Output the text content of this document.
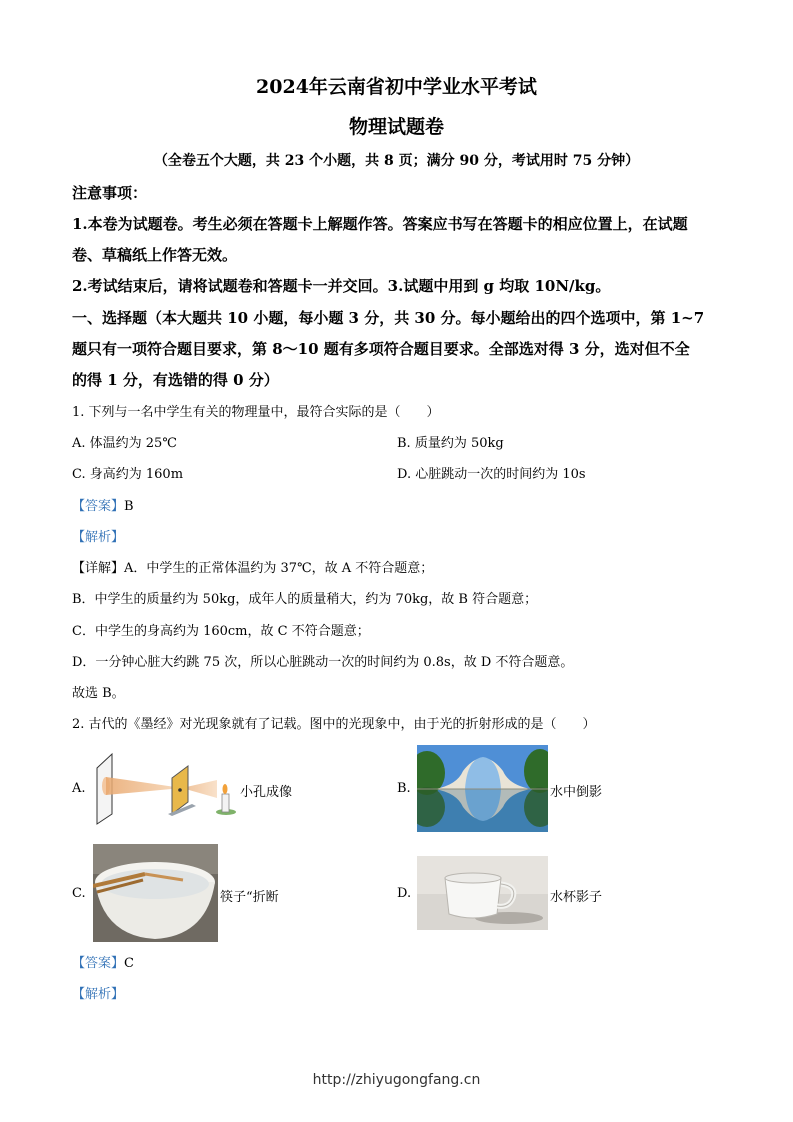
2024年云南省初中学业水平考试
物理试题卷
（全卷五个大题，共 23 个小题，共 8 页；满分 90 分，考试用时 75 分钟）
注意事项：
1.本卷为试题卷。考生必须在答题卡上解题作答。答案应书写在答题卡的相应位置上，在试题
卷、草稿纸上作答无效。
2.考试结束后，请将试题卷和答题卡一并交回。3.试题中用到 g 均取 10N/kg。
一、选择题（本大题共 10 小题，每小题 3 分，共 30 分。每小题给出的四个选项中，第 1~7
题只有一项符合题目要求，第 8～10 题有多项符合题目要求。全部选对得 3 分，选对但不全
的得 1 分，有选错的得 0 分）
1. 下列与一名中学生有关的物理量中，最符合实际的是（　　）
A. 体温约为 25℃	B. 质量约为 50kg
C. 身高约为 160m	D. 心脏跳动一次的时间约为 10s
【答案】B
【解析】
【详解】A．中学生的正常体温约为 37℃，故 A 不符合题意；
B．中学生的质量约为 50kg，成年人的质量稍大，约为 70kg，故 B 符合题意；
C．中学生的身高约为 160cm，故 C 不符合题意；
D．一分钟心脏大约跳 75 次，所以心脏跳动一次的时间约为 0.8s，故 D 不符合题意。
故选 B。
2. 古代的《墨经》对光现象就有了记载。图中的光现象中，由于光的折射形成的是（　　）
A.	小孔成像	B.	水中倒影
C.	筷子“折断	D.	水杯影子
【答案】C
【解析】
http://zhiyugongfang.cn
